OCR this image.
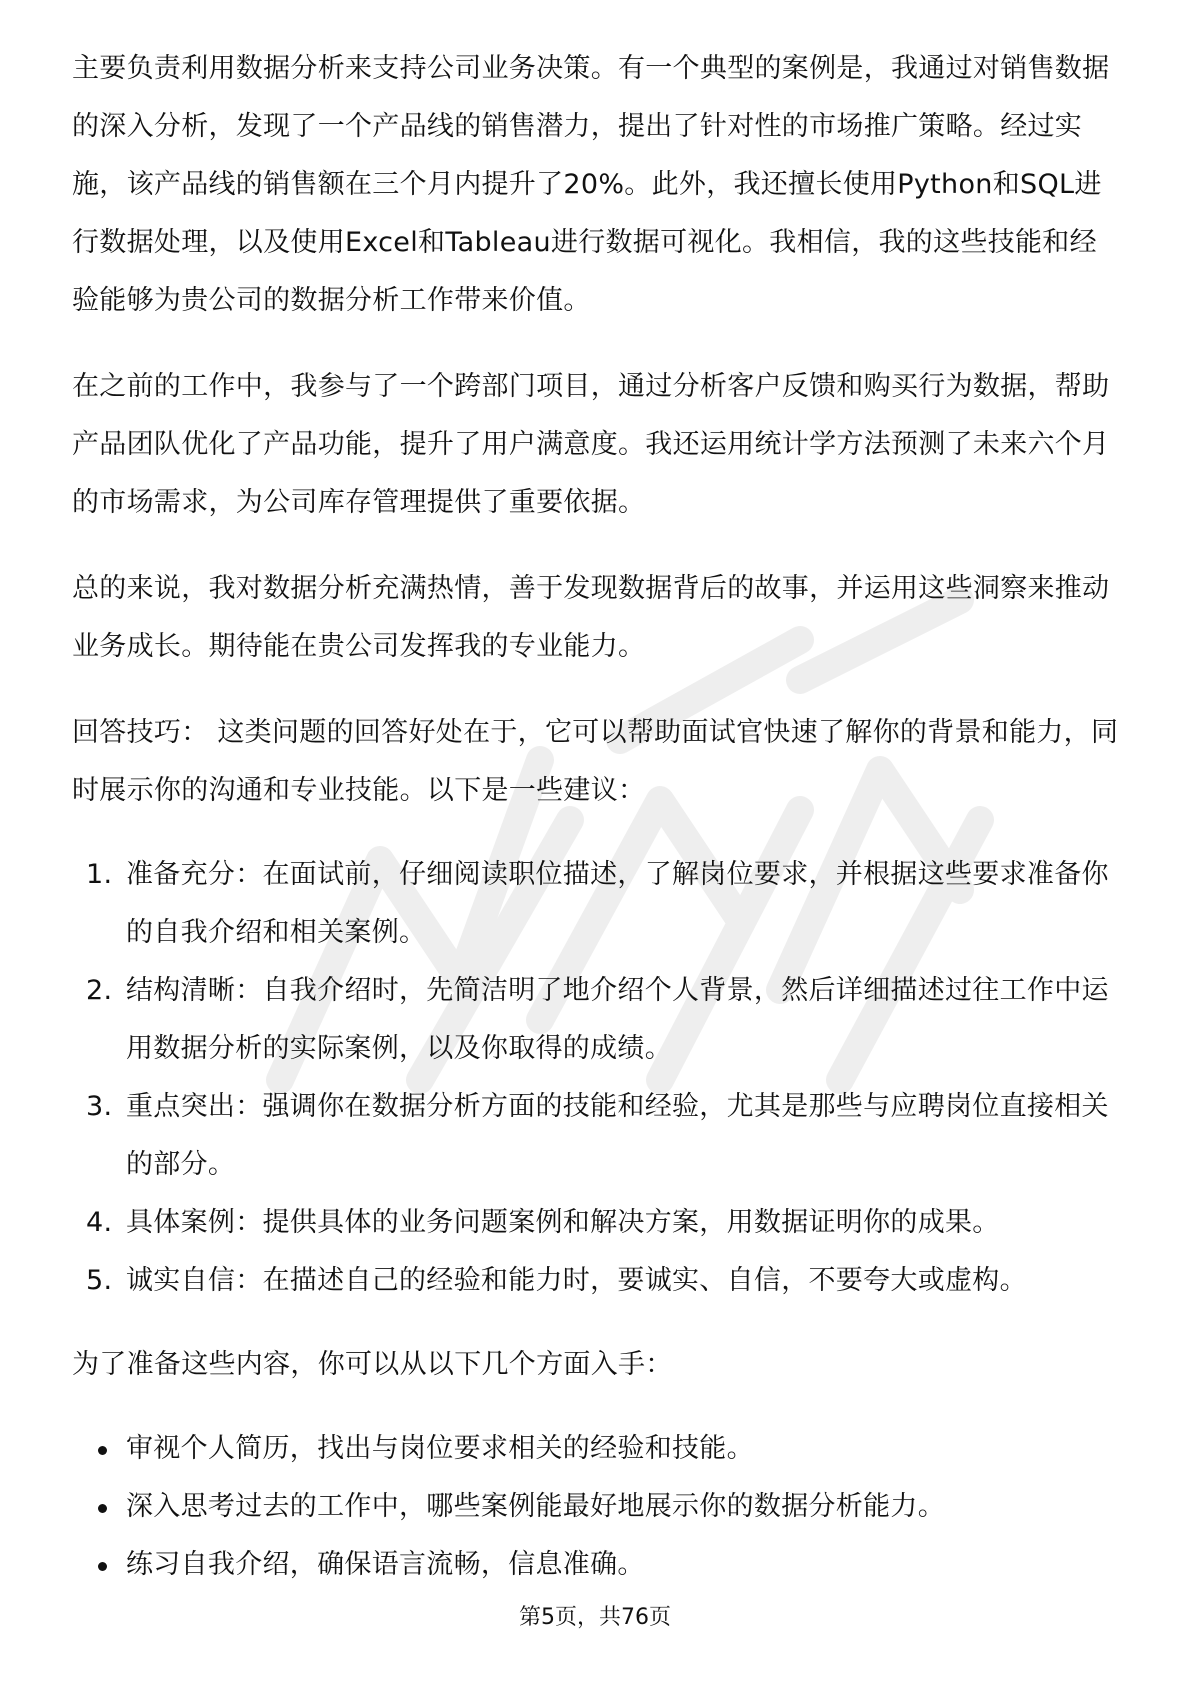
主要负责利用数据分析来支持公司业务决策。有一个典型的案例是，我通过对销售数据的深入分析，发现了一个产品线的销售潜力，提出了针对性的市场推广策略。经过实施，该产品线的销售额在三个月内提升了20%。此外，我还擅长使用Python和SQL进行数据处理，以及使用Excel和Tableau进行数据可视化。我相信，我的这些技能和经验能够为贵公司的数据分析工作带来价值。

在之前的工作中，我参与了一个跨部门项目，通过分析客户反馈和购买行为数据，帮助产品团队优化了产品功能，提升了用户满意度。我还运用统计学方法预测了未来六个月的市场需求，为公司库存管理提供了重要依据。

总的来说，我对数据分析充满热情，善于发现数据背后的故事，并运用这些洞察来推动业务成长。期待能在贵公司发挥我的专业能力。

回答技巧： 这类问题的回答好处在于，它可以帮助面试官快速了解你的背景和能力，同时展示你的沟通和专业技能。以下是一些建议：

1. 准备充分：在面试前，仔细阅读职位描述，了解岗位要求，并根据这些要求准备你的自我介绍和相关案例。
2. 结构清晰：自我介绍时，先简洁明了地介绍个人背景，然后详细描述过往工作中运用数据分析的实际案例，以及你取得的成绩。
3. 重点突出：强调你在数据分析方面的技能和经验，尤其是那些与应聘岗位直接相关的部分。
4. 具体案例：提供具体的业务问题案例和解决方案，用数据证明你的成果。
5. 诚实自信：在描述自己的经验和能力时，要诚实、自信，不要夸大或虚构。

为了准备这些内容，你可以从以下几个方面入手：

审视个人简历，找出与岗位要求相关的经验和技能。
深入思考过去的工作中，哪些案例能最好地展示你的数据分析能力。
练习自我介绍，确保语言流畅，信息准确。
第5页，共76页
